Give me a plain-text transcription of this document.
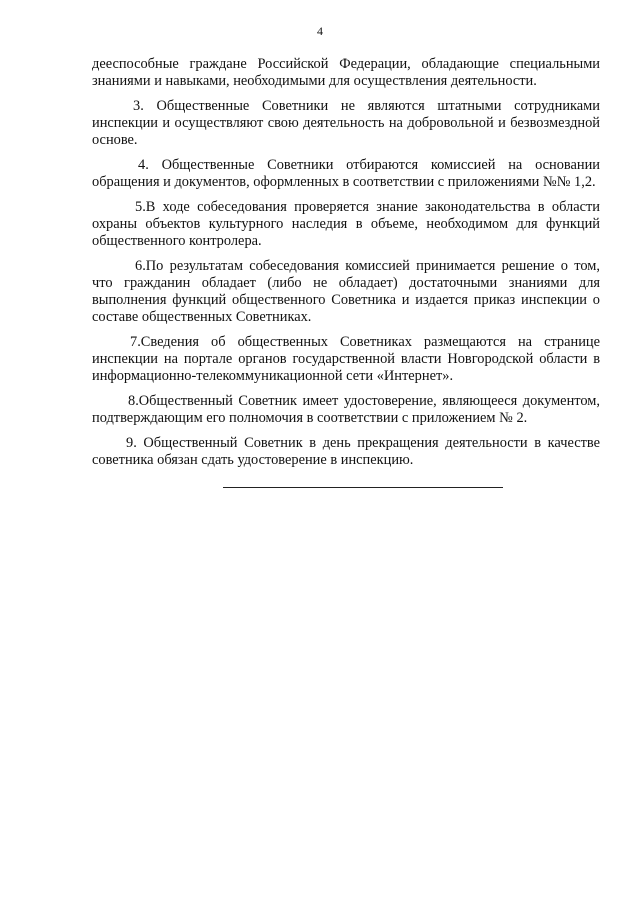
4

дееспособные граждане Российской Федерации, обладающие специальными знаниями и навыками, необходимыми для осуществления деятельности.

3. Общественные Советники не являются штатными сотрудниками инспекции и осуществляют свою деятельность на добровольной и безвозмездной основе.

4. Общественные Советники отбираются комиссией на основании обращения и документов, оформленных в соответствии с приложениями №№ 1,2.

5.В ходе собеседования проверяется знание законодательства в области охраны объектов культурного наследия в объеме, необходимом для функций общественного контролера.

6.По результатам собеседования комиссией принимается решение о том, что гражданин обладает (либо не обладает) достаточными знаниями для выполнения функций общественного Советника и издается приказ инспекции о составе общественных Советниках.

7.Сведения об общественных Советниках размещаются на странице инспекции на портале органов государственной власти Новгородской области в информационно-телекоммуникационной сети «Интернет».

8.Общественный Советник имеет удостоверение, являющееся документом, подтверждающим его полномочия в соответствии с приложением № 2.

9. Общественный Советник в день прекращения деятельности в качестве советника обязан сдать удостоверение в инспекцию.
